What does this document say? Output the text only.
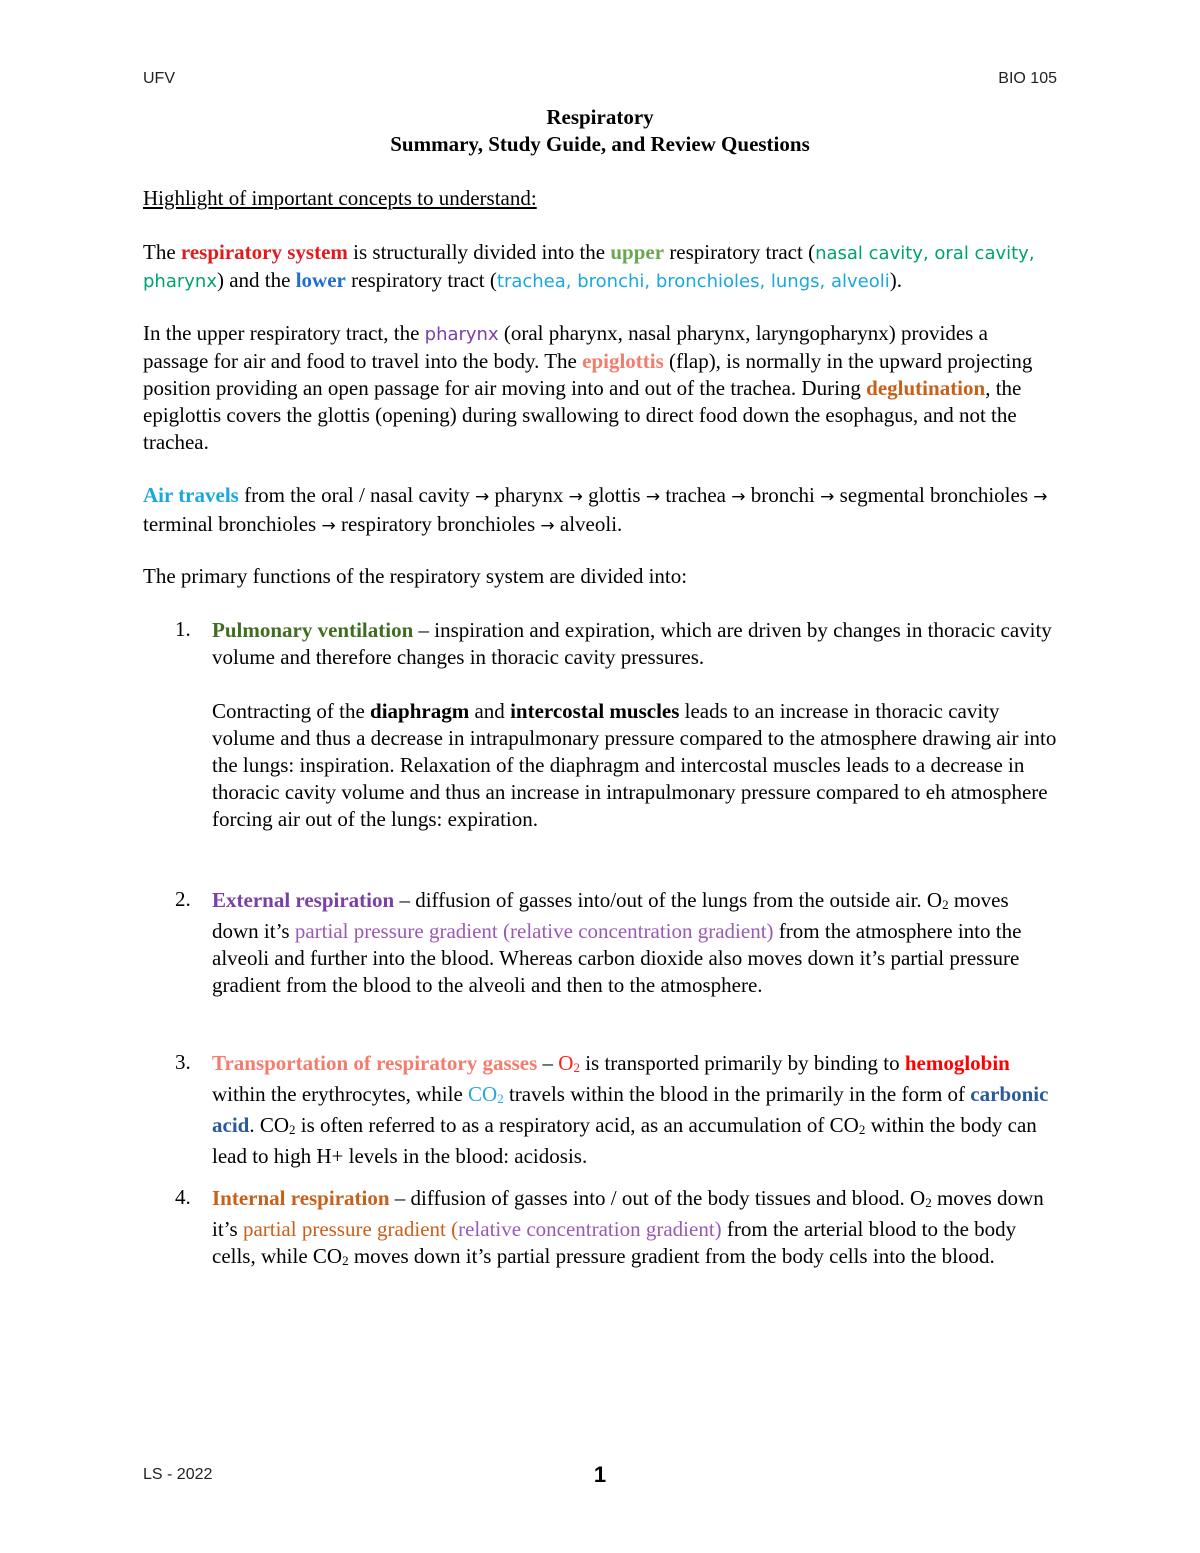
UFV	BIO 105
Respiratory
Summary, Study Guide, and Review Questions
Highlight of important concepts to understand:
The respiratory system is structurally divided into the upper respiratory tract (nasal cavity, oral cavity, pharynx) and the lower respiratory tract (trachea, bronchi, bronchioles, lungs, alveoli).
In the upper respiratory tract, the pharynx (oral pharynx, nasal pharynx, laryngopharynx) provides a passage for air and food to travel into the body. The epiglottis (flap), is normally in the upward projecting position providing an open passage for air moving into and out of the trachea. During deglutination, the epiglottis covers the glottis (opening) during swallowing to direct food down the esophagus, and not the trachea.
Air travels from the oral / nasal cavity → pharynx → glottis → trachea → bronchi → segmental bronchioles → terminal bronchioles → respiratory bronchioles → alveoli.
The primary functions of the respiratory system are divided into:
1. Pulmonary ventilation – inspiration and expiration, which are driven by changes in thoracic cavity volume and therefore changes in thoracic cavity pressures.
Contracting of the diaphragm and intercostal muscles leads to an increase in thoracic cavity volume and thus a decrease in intrapulmonary pressure compared to the atmosphere drawing air into the lungs: inspiration. Relaxation of the diaphragm and intercostal muscles leads to a decrease in thoracic cavity volume and thus an increase in intrapulmonary pressure compared to eh atmosphere forcing air out of the lungs: expiration.
2. External respiration – diffusion of gasses into/out of the lungs from the outside air. $O_2$ moves down it’s partial pressure gradient (relative concentration gradient) from the atmosphere into the alveoli and further into the blood. Whereas carbon dioxide also moves down it’s partial pressure gradient from the blood to the alveoli and then to the atmosphere.
3. Transportation of respiratory gasses – $O_2$ is transported primarily by binding to hemoglobin within the erythrocytes, while $CO_2$ travels within the blood in the primarily in the form of carbonic acid. $CO_2$ is often referred to as a respiratory acid, as an accumulation of $CO_2$ within the body can lead to high H+ levels in the blood: acidosis.
4. Internal respiration – diffusion of gasses into / out of the body tissues and blood. $O_2$ moves down it’s partial pressure gradient (relative concentration gradient) from the arterial blood to the body cells, while $CO_2$ moves down it’s partial pressure gradient from the body cells into the blood.
LS - 2022	1
